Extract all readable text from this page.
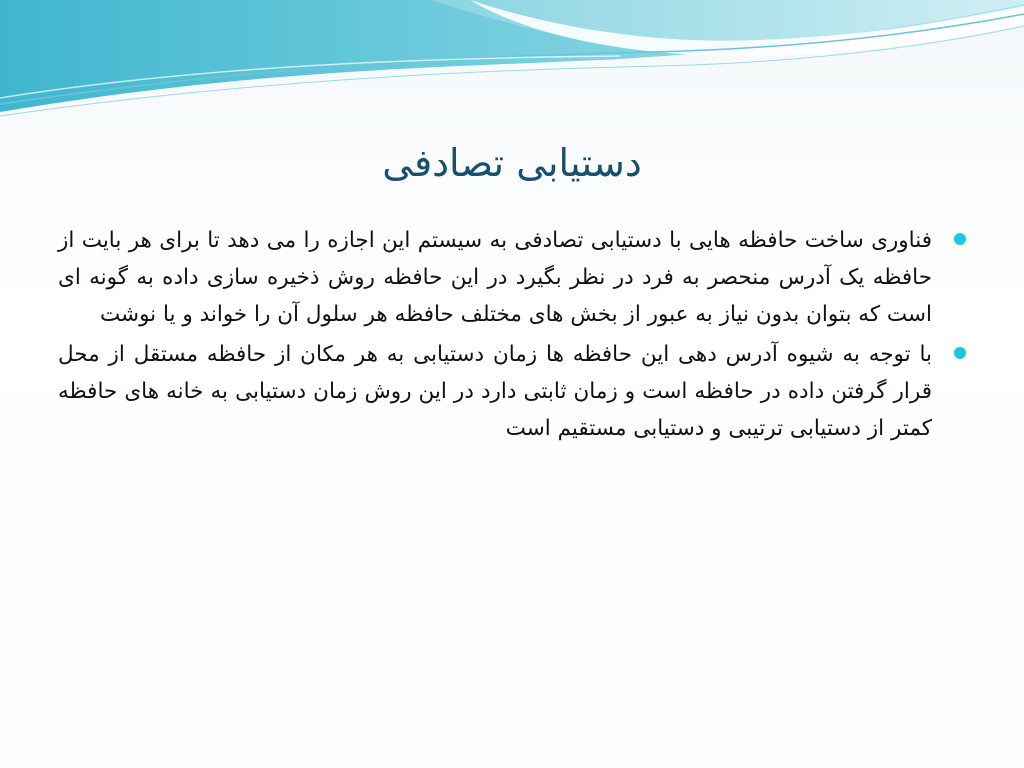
دستیابی تصادفی
فناوری ساخت حافظه هایی با دستیابی تصادفی به سیستم این اجازه را می دهد تا برای هر بایت از حافظه یک آدرس منحصر به فرد در نظر بگیرد در این حافظه روش ذخیره سازی داده به گونه ای است که بتوان بدون نیاز به عبور از بخش های مختلف حافظه هر سلول آن را خواند و یا نوشت
با توجه به شیوه آدرس دهی این حافظه ها زمان دستیابی به هر مکان از حافظه مستقل از محل قرار گرفتن داده در حافظه است و زمان ثابتی دارد در این روش زمان دستیابی به خانه های حافظه کمتر از دستیابی ترتیبی و دستیابی مستقیم است
